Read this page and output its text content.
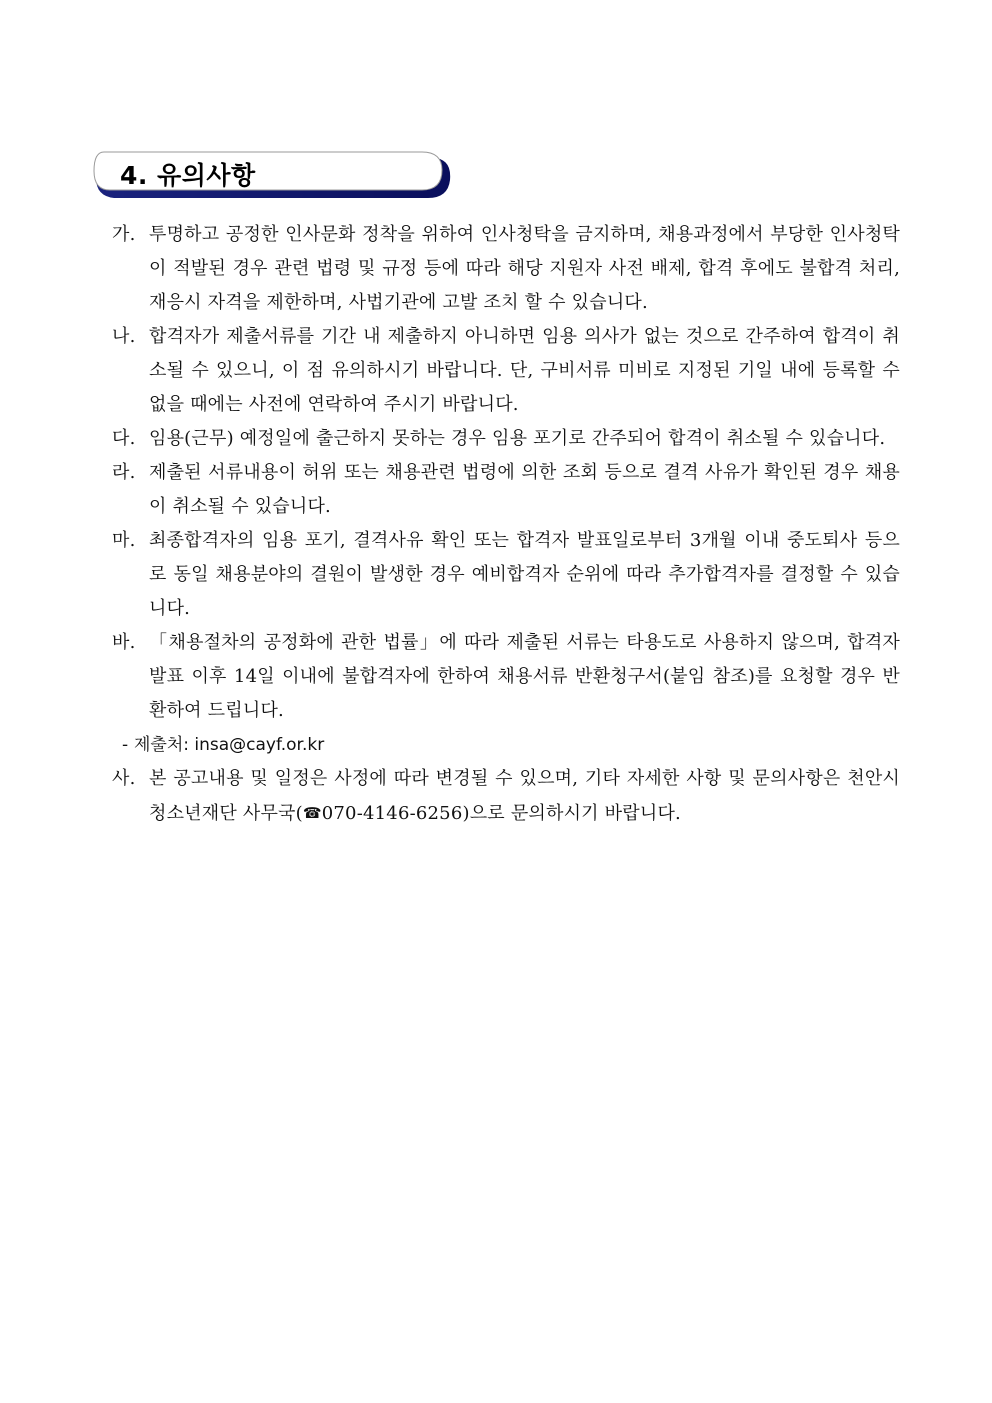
4. 유의사항
가. 투명하고 공정한 인사문화 정착을 위하여 인사청탁을 금지하며, 채용과정에서 부당한 인사청탁이 적발된 경우 관련 법령 및 규정 등에 따라 해당 지원자 사전 배제, 합격 후에도 불합격 처리, 재응시 자격을 제한하며, 사법기관에 고발 조치 할 수 있습니다.
나. 합격자가 제출서류를 기간 내 제출하지 아니하면 임용 의사가 없는 것으로 간주하여 합격이 취소될 수 있으니, 이 점 유의하시기 바랍니다. 단, 구비서류 미비로 지정된 기일 내에 등록할 수 없을 때에는 사전에 연락하여 주시기 바랍니다.
다. 임용(근무) 예정일에 출근하지 못하는 경우 임용 포기로 간주되어 합격이 취소될 수 있습니다.
라. 제출된 서류내용이 허위 또는 채용관련 법령에 의한 조회 등으로 결격 사유가 확인된 경우 채용이 취소될 수 있습니다.
마. 최종합격자의 임용 포기, 결격사유 확인 또는 합격자 발표일로부터 3개월 이내 중도퇴사 등으로 동일 채용분야의 결원이 발생한 경우 예비합격자 순위에 따라 추가합격자를 결정할 수 있습니다.
바. 「채용절차의 공정화에 관한 법률」에 따라 제출된 서류는 타용도로 사용하지 않으며, 합격자 발표 이후 14일 이내에 불합격자에 한하여 채용서류 반환청구서(붙임 참조)를 요청할 경우 반환하여 드립니다.
- 제출처: insa@cayf.or.kr
사. 본 공고내용 및 일정은 사정에 따라 변경될 수 있으며, 기타 자세한 사항 및 문의사항은 천안시청소년재단 사무국(☎070-4146-6256)으로 문의하시기 바랍니다.
